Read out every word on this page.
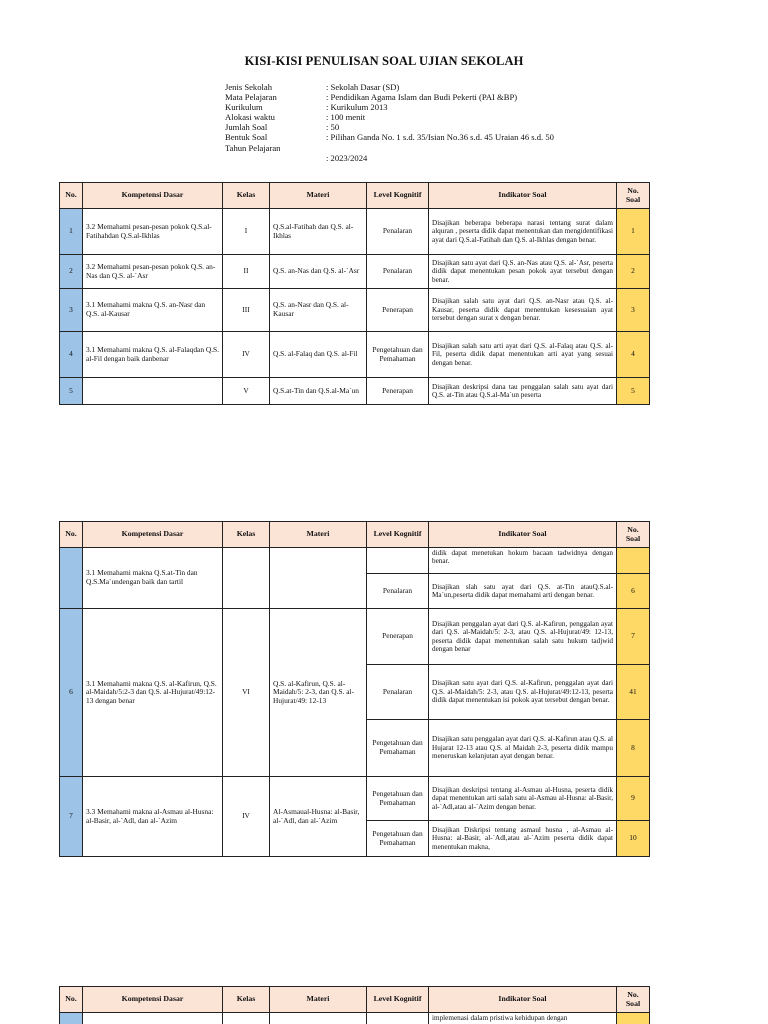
KISI-KISI PENULISAN SOAL UJIAN SEKOLAH
Jenis Sekolah	: Sekolah Dasar (SD)
Mata Pelajaran	: Pendidikan Agama Islam dan Budi Pekerti (PAI &BP)
Kurikulum	: Kurikulum 2013
Alokasi waktu	: 100 menit
Jumlah Soal	: 50
Bentuk Soal	: Pilihan Ganda No. 1 s.d. 35/Isian No.36 s.d. 45 Uraian 46 s.d. 50
Tahun Pelajaran
: 2023/2024
No.	Kompetensi Dasar	Kelas	Materi	Level Kognitif	Indikator Soal	No. Soal
1	3.2 Memahami pesan-pesan pokok Q.S.al-Fatihahdan Q.S.al-Ikhlas	I	Q.S.al-Fatihah dan Q.S. al-Ikhlas	Penalaran	Disajikan beberapa beberapa narasi tentang surat dalam alquran , peserta didik dapat menentukan dan mengidentifikasi ayat dari Q.S.al-Fatihah dan Q.S. al-Ikhlas dengan benar.	1
2	3.2 Memahami pesan-pesan pokok Q.S. an-Nas dan Q.S. al-`Asr	II	Q.S. an-Nas dan Q.S. al-`Asr	Penalaran	Disajikan satu ayat dari Q.S. an-Nas atau Q.S. al-`Asr, peserta didik dapat menentukan pesan pokok ayat tersebut dengan benar.	2
3	3.1 Memahami makna Q.S. an-Nasr dan Q.S. al-Kausar	III	Q.S. an-Nasr dan Q.S. al-Kausar	Penerapan	Disajikan salah satu ayat dari Q.S. an-Nasr atau Q.S. al-Kausar, peserta didik dapat menentukan kesesuaian ayat tersebut dengan surat x dengan benar.	3
4	3.1 Memahami makna Q.S. al-Falaqdan Q.S. al-Fil dengan baik danbenar	IV	Q.S. al-Falaq dan Q.S. al-Fil	Pengetahuan dan Pemahaman	Disajikan salah satu arti ayat dari Q.S. al-Falaq atau Q.S. al-Fil, peserta didik dapat menentukan arti ayat yang sesuai dengan benar.	4
5		V	Q.S.at-Tin dan Q.S.al-Ma`un	Penerapan	Disajikan deskripsi dana tau penggalan salah satu ayat dari Q.S. at-Tin atau Q.S.al-Ma`un peserta	5
No.	Kompetensi Dasar	Kelas	Materi	Level Kognitif	Indikator Soal	No. Soal
	3.1 Memahami makna Q.S.at-Tin dan Q.S.Ma`undengan baik dan tartil				didik dapat menetukan hokum bacaan tadwidnya dengan benar.	
				Penalaran	Disajikan slah satu ayat dari Q.S. at-Tin atauQ.S.al-Ma`un,peserta didik dapat memahami arti dengan benar.	6
6	3.1 Memahami makna Q.S. al-Kafirun, Q.S. al-Maidah/5:2-3 dan Q.S. al-Hujurat/49:12-13 dengan benar	VI	Q.S. al-Kafirun, Q.S. al-Maidah/5: 2-3, dan Q.S. al-Hujurat/49: 12-13	Penerapan	Disajikan penggalan ayat dari Q.S. al-Kafirun, penggalan ayat dari Q.S. al-Maidah/5: 2-3, atau Q.S. al-Hujurat/49: 12-13, peserta didik dapat menentukan salah satu hukum tadjwid dengan benar	7
				Penalaran	Disajikan satu ayat dari Q.S. al-Kafirun, penggalan ayat dari Q.S. al-Maidah/5: 2-3, atau Q.S. al-Hujurat/49:12-13, peserta didik dapat menentukan isi pokok ayat tersebut dengan benar.	41
				Pengetahuan dan Pemahaman	Disajikan satu penggalan ayat dari Q.S. al-Kafirun atau Q.S. al Hujarat 12-13 atau Q.S. al Maidah 2-3, peserta didik mampu meneruskan kelanjutan ayat dengan benar.	8
7	3.3 Memahami makna al-Asmau al-Husna: al-Basir, al-`Adl, dan al-`Azim	IV	Al-Asmaual-Husna: al-Basir, al-`Adl, dan al-`Azim	Pengetahuan dan Pemahaman	Disajikan deskripsi tentang al-Asmau al-Husna, peserta didik dapat menentukan arti salah satu al-Asmau al-Husna: al-Basir, al-`Adl,atau al-`Azim dengan benar.	9
				Pengetahuan dan Pemahaman	Disajikan Diskripsi tentang asmaul husna , al-Asmau al-Husna: al-Basir, al-`Adl,atau al-`Azim peserta didik dapat menentukan makna,	10
No.	Kompetensi Dasar	Kelas	Materi	Level Kognitif	Indikator Soal	No. Soal
					implemenasi dalam pristiwa kehidupan dengan	
